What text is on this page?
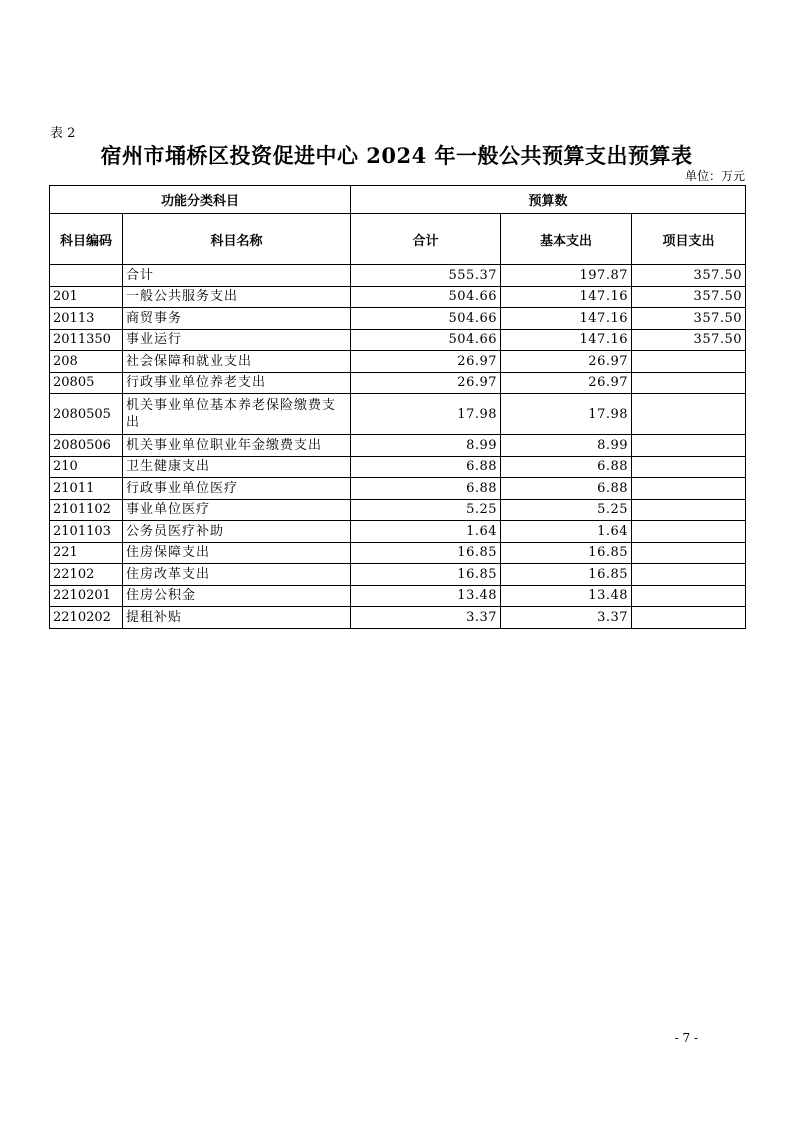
表 2
宿州市埇桥区投资促进中心 2024 年一般公共预算支出预算表
单位：万元
功能分类科目		预算数		
科目编码	科目名称	合计	基本支出	项目支出
	合计	555.37	197.87	357.50
201	一般公共服务支出	504.66	147.16	357.50
20113	商贸事务	504.66	147.16	357.50
2011350	事业运行	504.66	147.16	357.50
208	社会保障和就业支出	26.97	26.97	
20805	行政事业单位养老支出	26.97	26.97	
2080505	机关事业单位基本养老保险缴费支出	17.98	17.98	
2080506	机关事业单位职业年金缴费支出	8.99	8.99	
210	卫生健康支出	6.88	6.88	
21011	行政事业单位医疗	6.88	6.88	
2101102	事业单位医疗	5.25	5.25	
2101103	公务员医疗补助	1.64	1.64	
221	住房保障支出	16.85	16.85	
22102	住房改革支出	16.85	16.85	
2210201	住房公积金	13.48	13.48	
2210202	提租补贴	3.37	3.37	
- 7 -
